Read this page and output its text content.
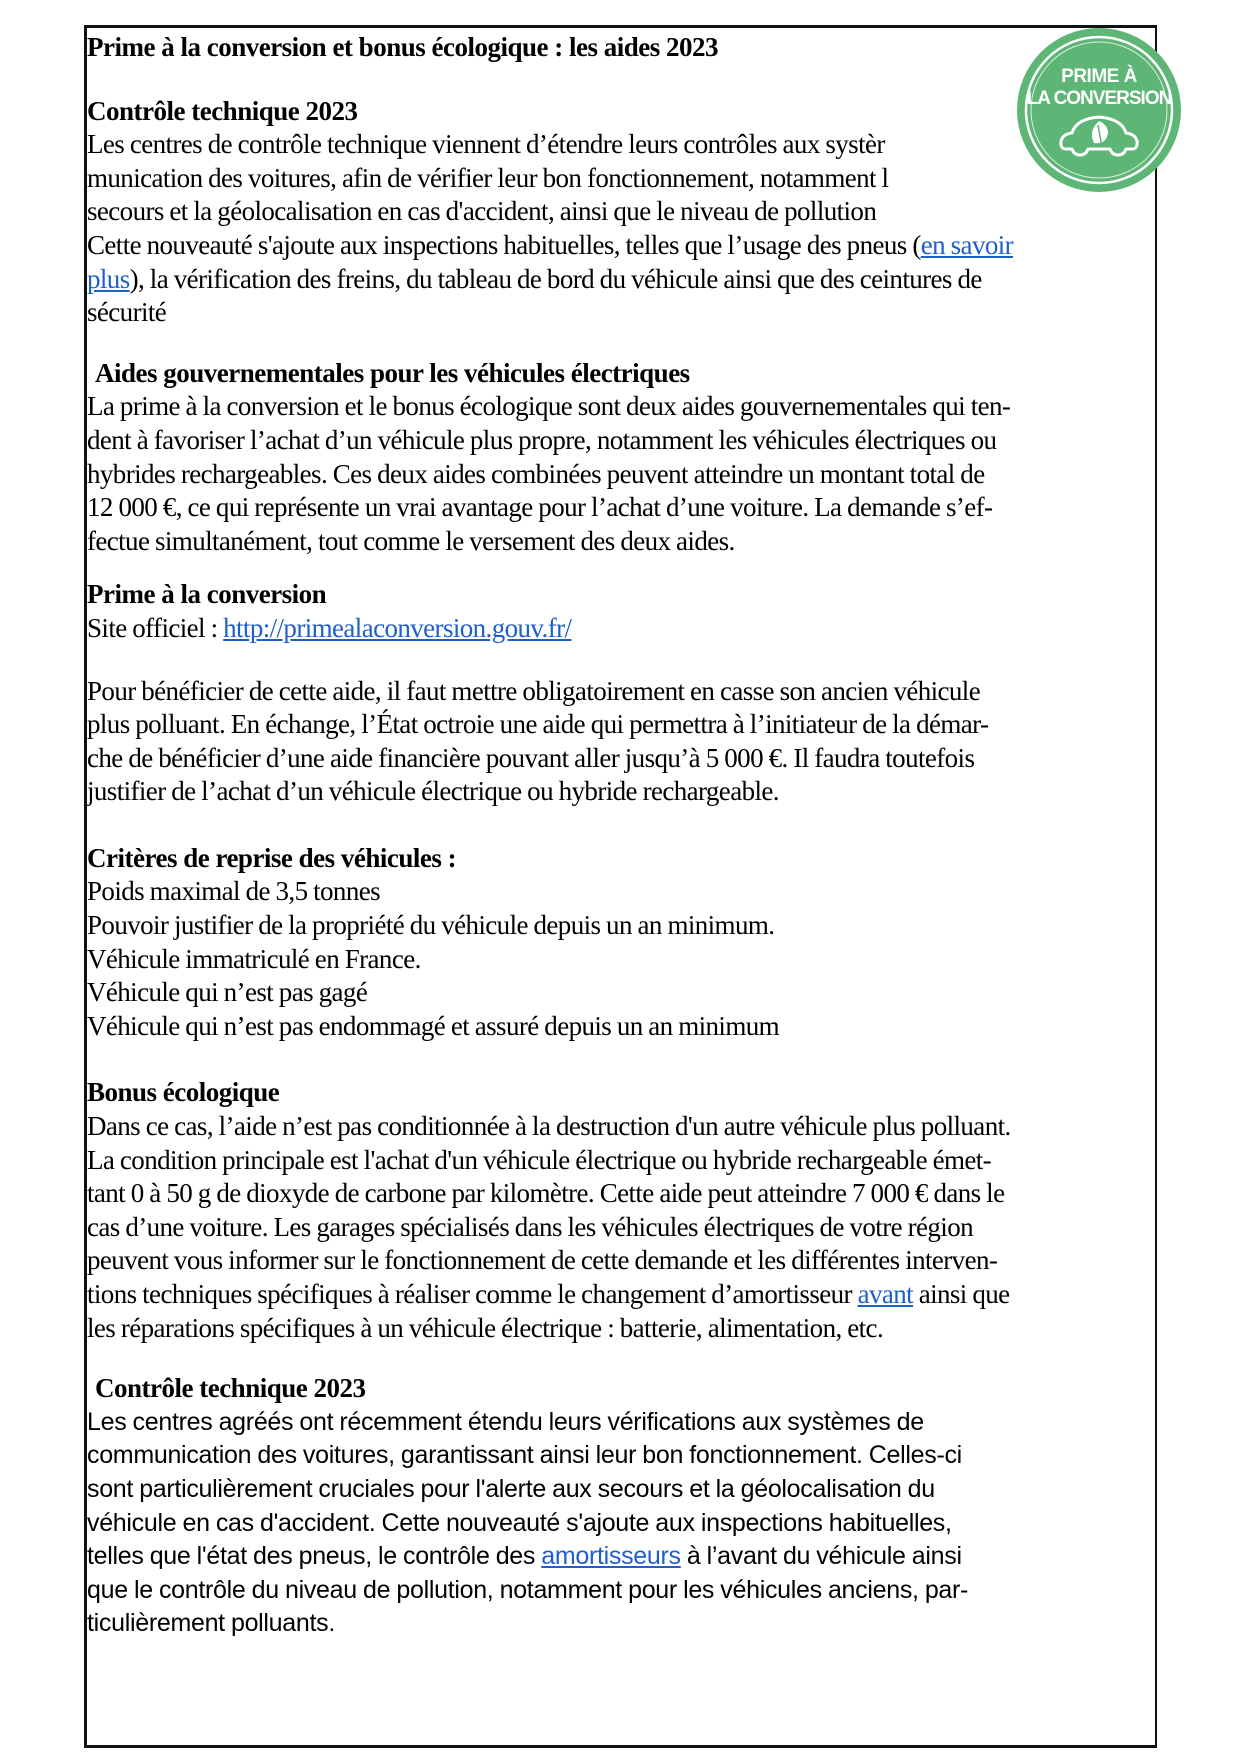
Prime à la conversion et bonus écologique : les aides 2023
Contrôle technique 2023
Les centres de contrôle technique viennent d’étendre leurs contrôles aux systèr
munication des voitures, afin de vérifier leur bon fonctionnement, notamment l
secours et la géolocalisation en cas d'accident, ainsi que le niveau de pollution
Cette nouveauté s'ajoute aux inspections habituelles, telles que l’usage des pneus (en savoir
plus), la vérification des freins, du tableau de bord du véhicule ainsi que des ceintures de
sécurité
Aides gouvernementales pour les véhicules électriques
La prime à la conversion et le bonus écologique sont deux aides gouvernementales qui ten-
dent à favoriser l’achat d’un véhicule plus propre, notamment les véhicules électriques ou
hybrides rechargeables. Ces deux aides combinées peuvent atteindre un montant total de
12 000 €, ce qui représente un vrai avantage pour l’achat d’une voiture. La demande s’ef-
fectue simultanément, tout comme le versement des deux aides.
Prime à la conversion
Site officiel : http://primealaconversion.gouv.fr/
Pour bénéficier de cette aide, il faut mettre obligatoirement en casse son ancien véhicule
plus polluant. En échange, l’État octroie une aide qui permettra à l’initiateur de la démar-
che de bénéficier d’une aide financière pouvant aller jusqu’à 5 000 €. Il faudra toutefois
justifier de l’achat d’un véhicule électrique ou hybride rechargeable.
Critères de reprise des véhicules :
Poids maximal de 3,5 tonnes
Pouvoir justifier de la propriété du véhicule depuis un an minimum.
Véhicule immatriculé en France.
Véhicule qui n’est pas gagé
Véhicule qui n’est pas endommagé et assuré depuis un an minimum
Bonus écologique
Dans ce cas, l’aide n’est pas conditionnée à la destruction d'un autre véhicule plus polluant.
La condition principale est l'achat d'un véhicule électrique ou hybride rechargeable émet-
tant 0 à 50 g de dioxyde de carbone par kilomètre. Cette aide peut atteindre 7 000 € dans le
cas d’une voiture. Les garages spécialisés dans les véhicules électriques de votre région
peuvent vous informer sur le fonctionnement de cette demande et les différentes interven-
tions techniques spécifiques à réaliser comme le changement d’amortisseur avant ainsi que
les réparations spécifiques à un véhicule électrique : batterie, alimentation, etc.
Contrôle technique 2023
Les centres agréés ont récemment étendu leurs vérifications aux systèmes de
communication des voitures, garantissant ainsi leur bon fonctionnement. Celles-ci
sont particulièrement cruciales pour l'alerte aux secours et la géolocalisation du
véhicule en cas d'accident. Cette nouveauté s'ajoute aux inspections habituelles,
telles que l'état des pneus, le contrôle des amortisseurs à l’avant du véhicule ainsi
que le contrôle du niveau de pollution, notamment pour les véhicules anciens, par-
ticulièrement polluants.
PRIME À
LA CONVERSION
